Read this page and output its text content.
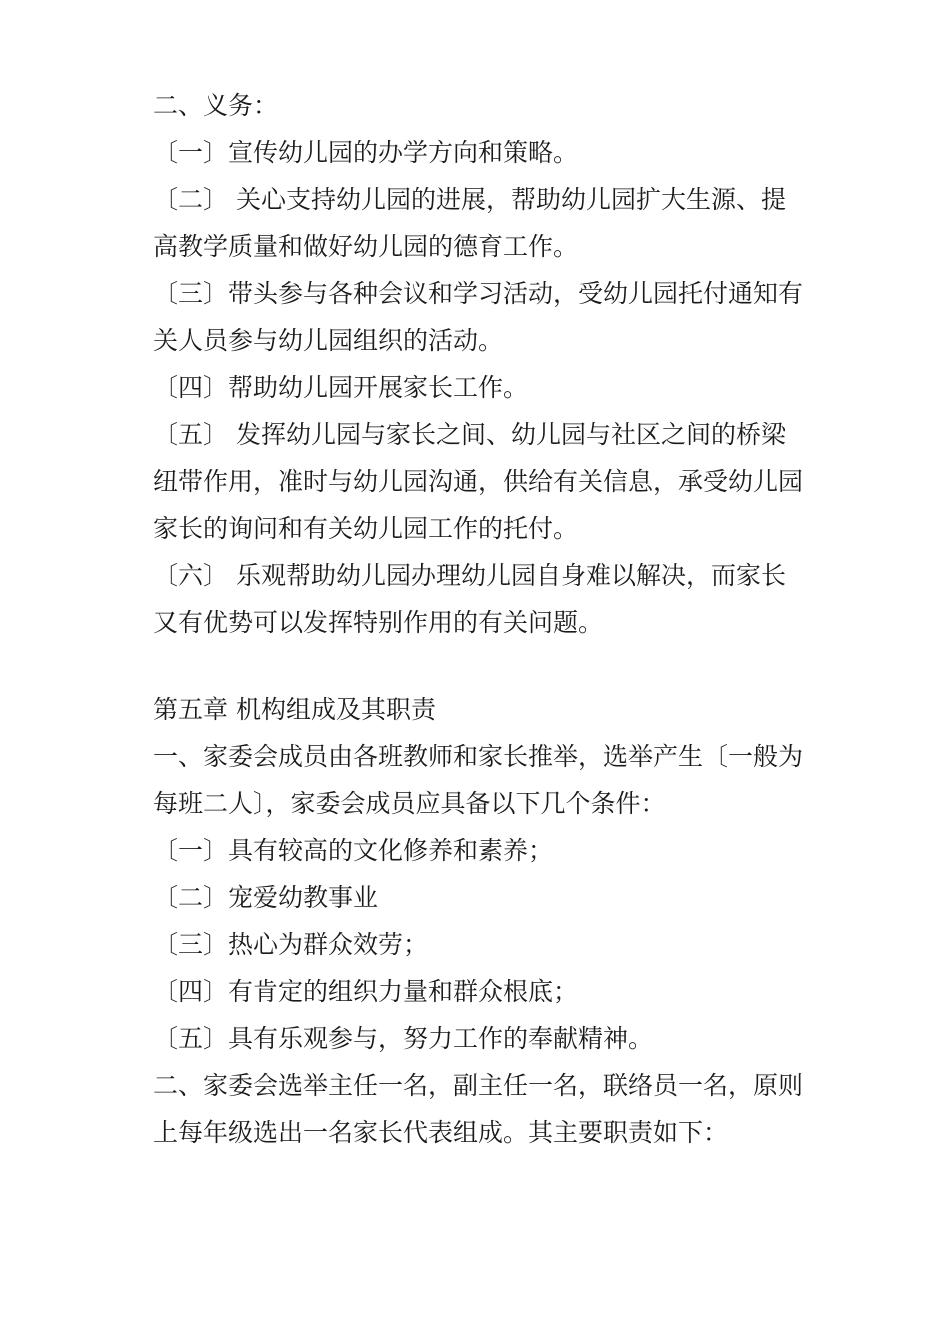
二、义务：
〔一〕宣传幼儿园的办学方向和策略。
〔二〕 关心支持幼儿园的进展，帮助幼儿园扩大生源、提
高教学质量和做好幼儿园的德育工作。
〔三〕带头参与各种会议和学习活动，受幼儿园托付通知有
关人员参与幼儿园组织的活动。
〔四〕帮助幼儿园开展家长工作。
〔五〕 发挥幼儿园与家长之间、幼儿园与社区之间的桥梁
纽带作用，准时与幼儿园沟通，供给有关信息，承受幼儿园
家长的询问和有关幼儿园工作的托付。
〔六〕 乐观帮助幼儿园办理幼儿园自身难以解决，而家长
又有优势可以发挥特别作用的有关问题。
第五章 机构组成及其职责
一、家委会成员由各班教师和家长推举，选举产生〔一般为
每班二人〕，家委会成员应具备以下几个条件：
〔一〕具有较高的文化修养和素养；
〔二〕宠爱幼教事业
〔三〕热心为群众效劳；
〔四〕有肯定的组织力量和群众根底；
〔五〕具有乐观参与，努力工作的奉献精神。
二、家委会选举主任一名，副主任一名，联络员一名，原则
上每年级选出一名家长代表组成。其主要职责如下：
